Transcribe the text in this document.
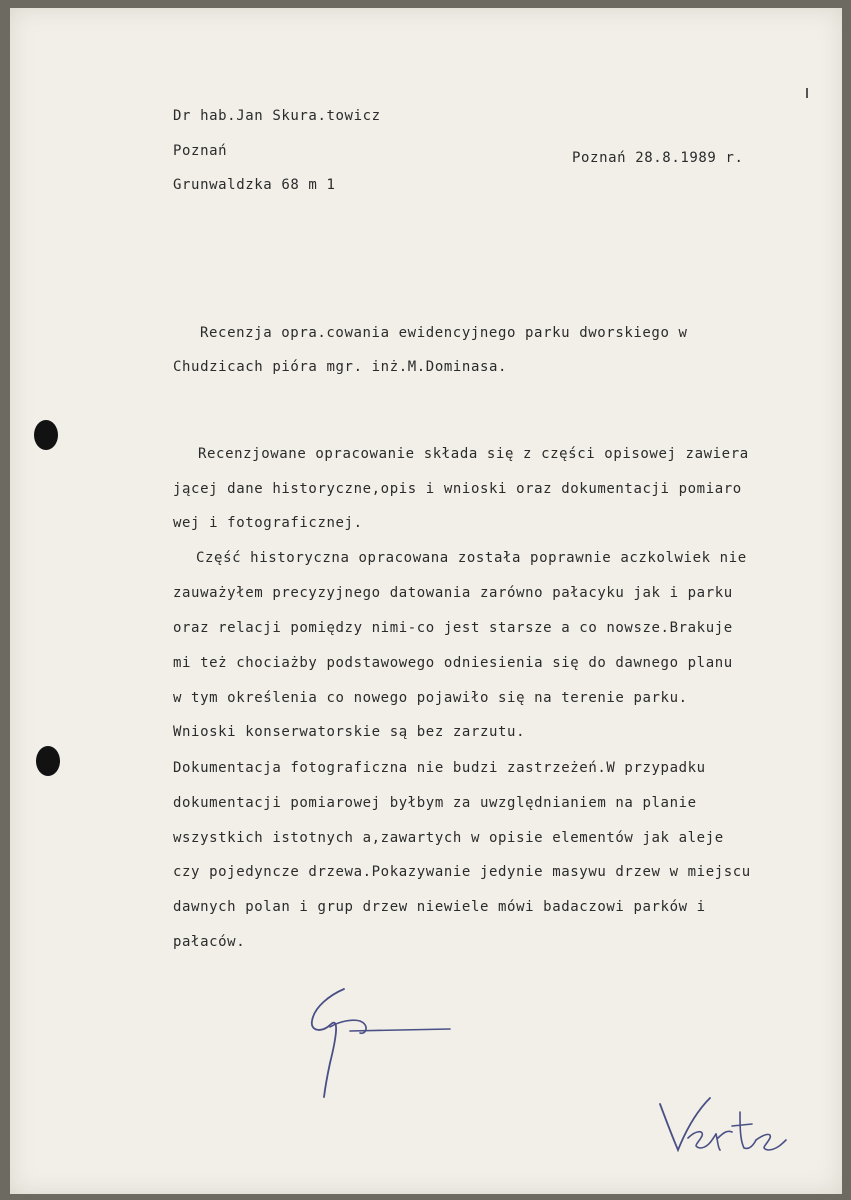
Dr hab.Jan Skura.towicz
Poznań
Grunwaldzka 68 m 1
Poznań 28.8.1989 r.
Recenzja opra.cowania ewidencyjnego parku dworskiego w
Chudzicach pióra mgr. inż.M.Dominasa.
Recenzjowane opracowanie składa się z części opisowej zawiera
jącej dane historyczne,opis i wnioski oraz dokumentacji pomiaro
wej i fotograficznej.
Część historyczna opracowana została poprawnie aczkolwiek nie
zauważyłem precyzyjnego datowania zarówno pałacyku jak i parku
oraz relacji pomiędzy nimi-co jest starsze a co nowsze.Brakuje
mi też chociażby podstawowego odniesienia się do dawnego planu
w tym określenia co nowego pojawiło się na terenie parku.
Wnioski konserwatorskie są bez zarzutu.
Dokumentacja fotograficzna nie budzi zastrzeżeń.W przypadku
dokumentacji pomiarowej byłbym za uwzględnianiem na planie
wszystkich istotnych a,zawartych w opisie elementów jak aleje
czy pojedyncze drzewa.Pokazywanie jedynie masywu drzew w miejscu
dawnych polan i grup drzew niewiele mówi badaczowi parków i
pałaców.
